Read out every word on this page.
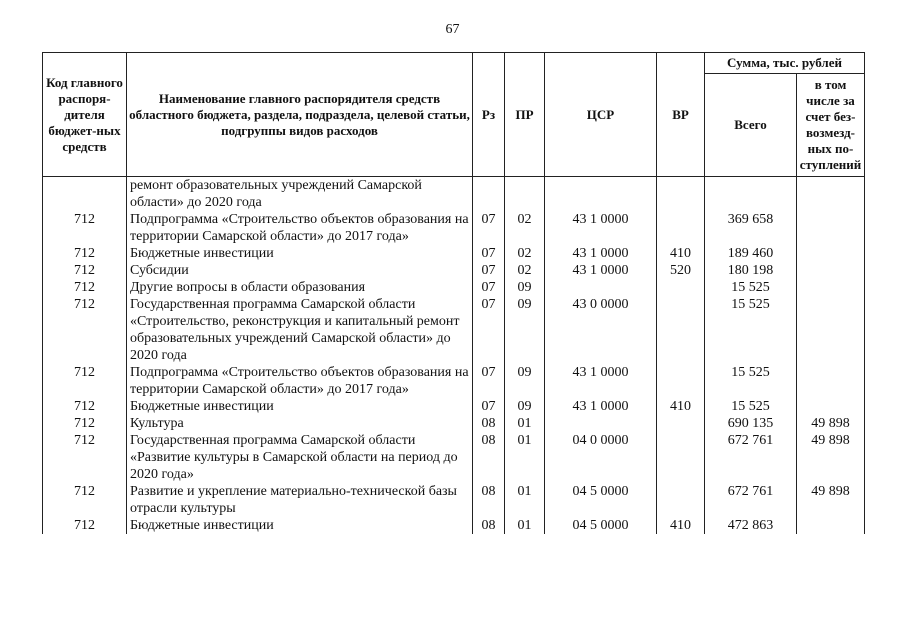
67
Код главного распоря-дителя бюджет-ных средств	Наименование главного распорядителя средств областного бюджета, раздела, подраздела, целевой статьи, подгруппы видов расходов	Рз	ПР	ЦСР	ВР	Сумма, тыс. рублей	
						Всего	в том числе за счет без-возмезд-ных по-ступлений
	ремонт образовательных учреждений Самарской области» до 2020 года						
712	Подпрограмма «Строительство объектов образования на территории Самарской области» до 2017 года»	07	02	43 1 0000		369 658	
712	Бюджетные инвестиции	07	02	43 1 0000	410	189 460	
712	Субсидии	07	02	43 1 0000	520	180 198	
712	Другие вопросы в области образования	07	09			15 525	
712	Государственная программа Самарской области «Строительство, реконструкция и капитальный ремонт образовательных учреждений Самарской области» до 2020 года	07	09	43 0 0000		15 525	
712	Подпрограмма «Строительство объектов образования на территории Самарской области» до 2017 года»	07	09	43 1 0000		15 525	
712	Бюджетные инвестиции	07	09	43 1 0000	410	15 525	
712	Культура	08	01			690 135	49 898
712	Государственная программа Самарской области «Развитие культуры в Самарской области на период до 2020 года»	08	01	04 0 0000		672 761	49 898
712	Развитие и укрепление материально-технической базы отрасли культуры	08	01	04 5 0000		672 761	49 898
712	Бюджетные инвестиции	08	01	04 5 0000	410	472 863	
